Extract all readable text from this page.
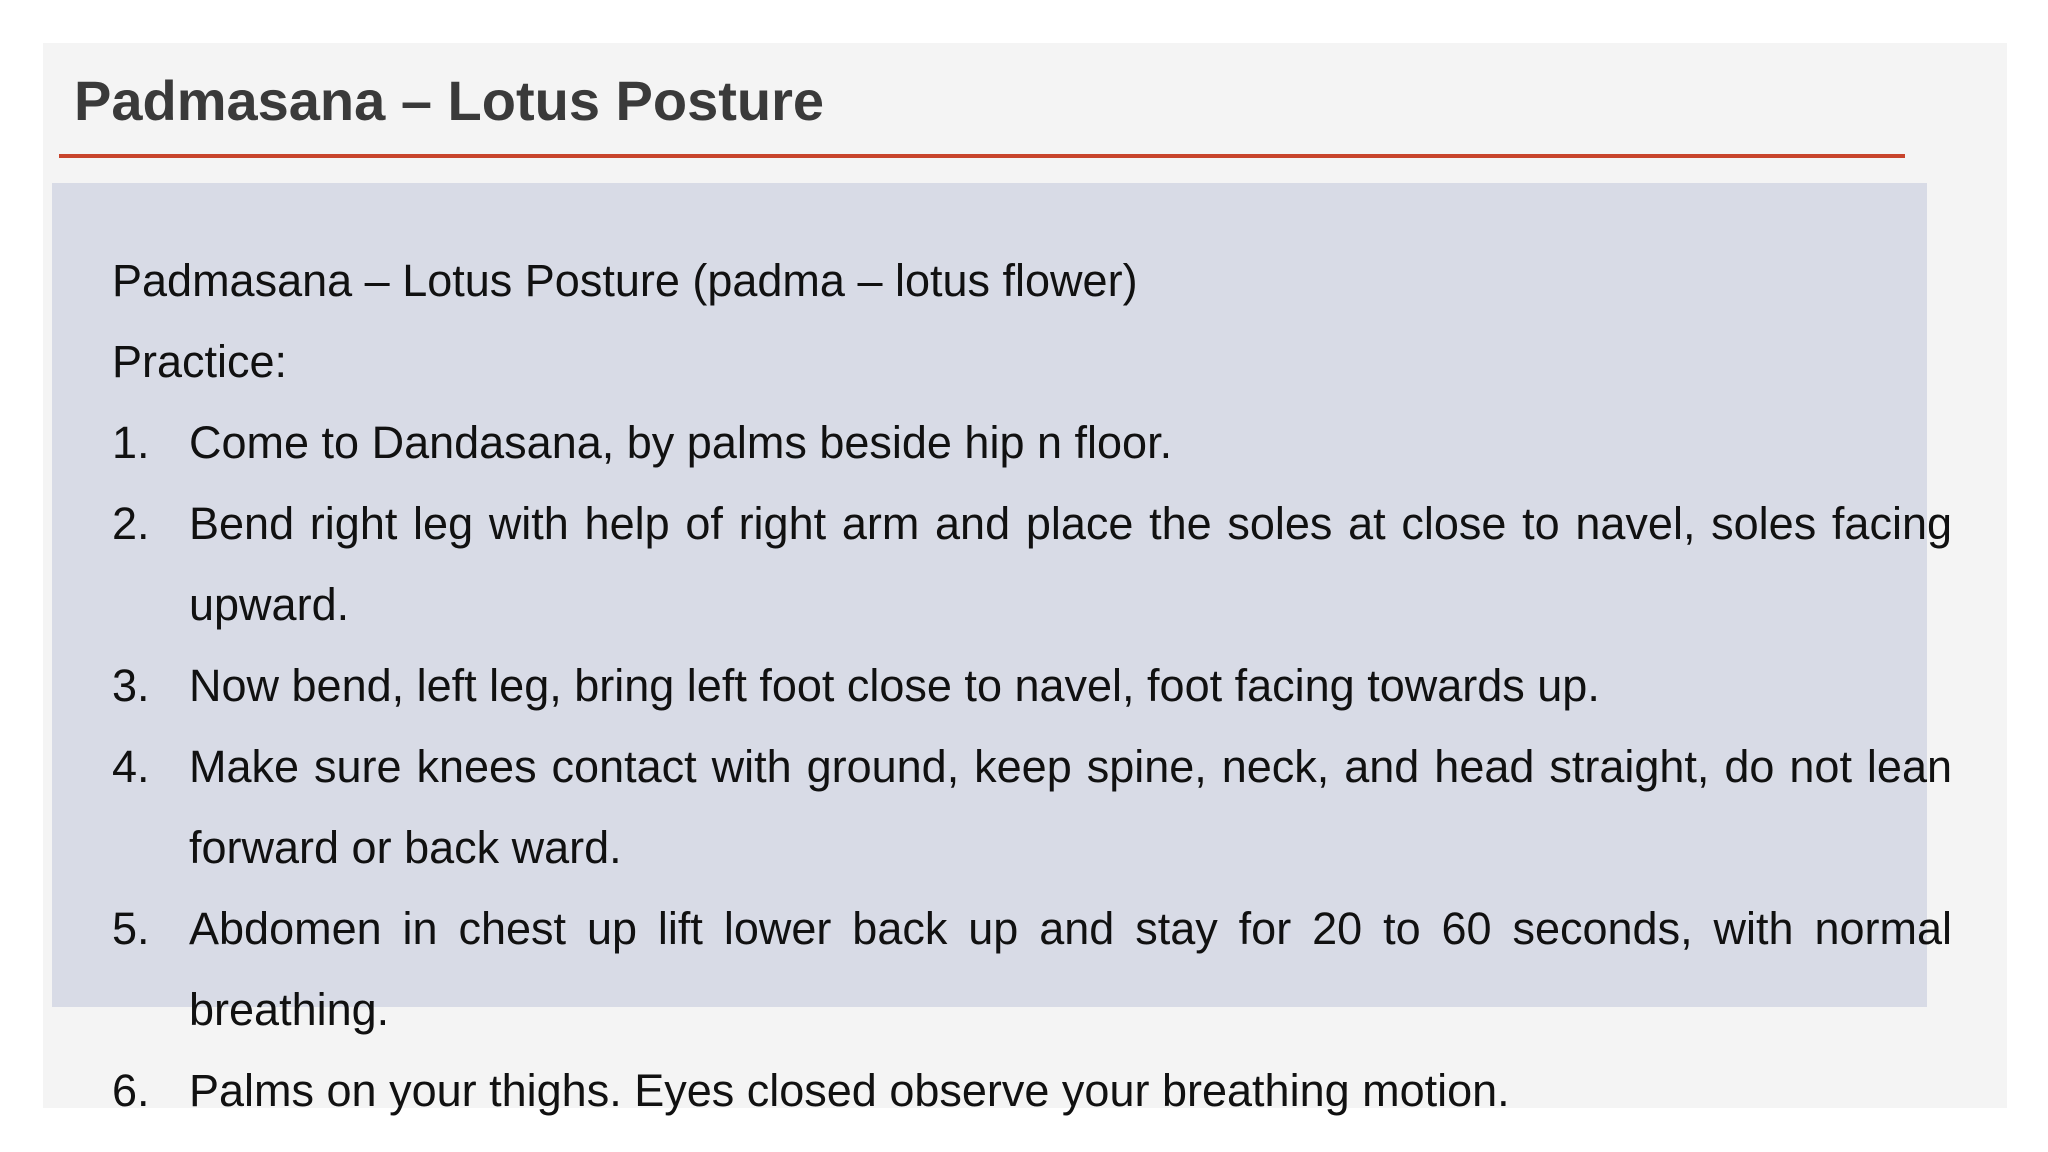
Padmasana – Lotus Posture
Padmasana – Lotus Posture (padma – lotus flower)
Practice:
1. Come to Dandasana, by palms beside hip n floor.
2. Bend right leg with help of right arm and place the soles at close to navel, soles facing upward.
3. Now bend, left leg, bring left foot close to navel, foot facing towards up.
4. Make sure knees contact with ground, keep spine, neck, and head straight, do not lean forward or back ward.
5. Abdomen in chest up lift lower back up and stay for 20 to 60 seconds, with normal breathing.
6. Palms on your thighs. Eyes closed observe your breathing motion.
